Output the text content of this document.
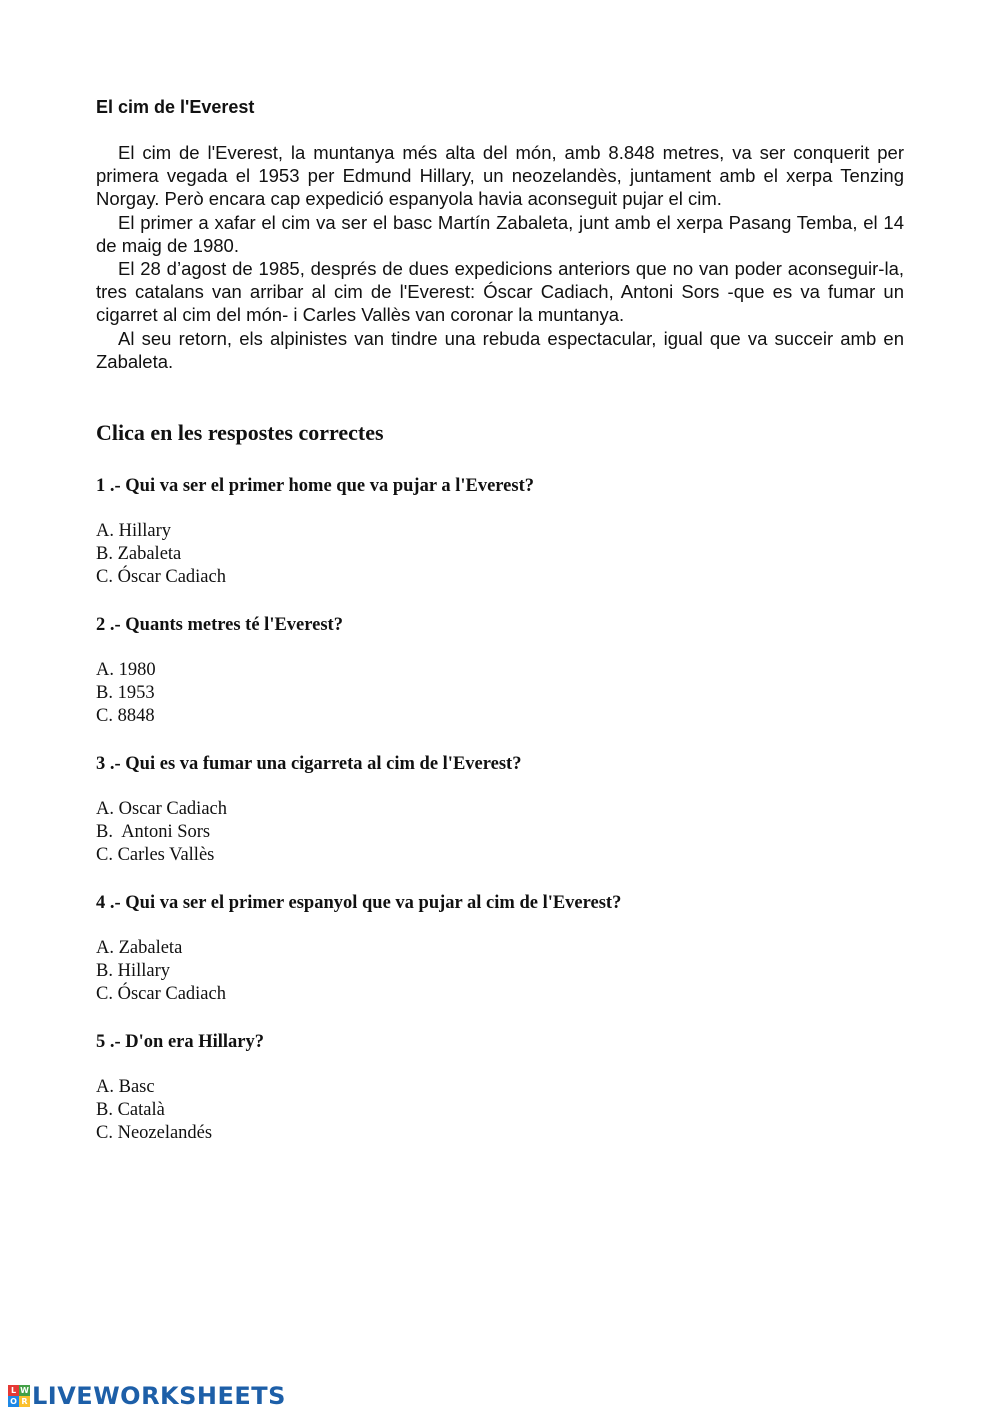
El cim de l'Everest

El cim de l'Everest, la muntanya més alta del món, amb 8.848 metres, va ser conquerit per primera vegada el 1953 per Edmund Hillary, un neozelandès, juntament amb el xerpa Tenzing Norgay. Però encara cap expedició espanyola havia aconseguit pujar el cim.

El primer a xafar el cim va ser el basc Martín Zabaleta, junt amb el xerpa Pasang Temba, el 14 de maig de 1980.

El 28 d’agost de 1985, després de dues expedicions anteriors que no van poder aconseguir-la, tres catalans van arribar al cim de l'Everest: Óscar Cadiach, Antoni Sors -que es va fumar un cigarret al cim del món- i Carles Vallès van coronar la muntanya.

Al seu retorn, els alpinistes van tindre una rebuda espectacular, igual que va succeir amb en Zabaleta.

Clica en les respostes correctes

1 .- Qui va ser el primer home que va pujar a l'Everest?

A. Hillary
B. Zabaleta
C. Óscar Cadiach

2 .- Quants metres té l'Everest?

A. 1980
B. 1953
C. 8848

3 .- Qui es va fumar una cigarreta al cim de l'Everest?

A. Oscar Cadiach
B.  Antoni Sors
C. Carles Vallès

4 .- Qui va ser el primer espanyol que va pujar al cim de l'Everest?

A. Zabaleta
B. Hillary
C. Óscar Cadiach

5 .- D'on era Hillary?

A. Basc
B. Català
C. Neozelandés
L W
O R LIVEWORKSHEETS
